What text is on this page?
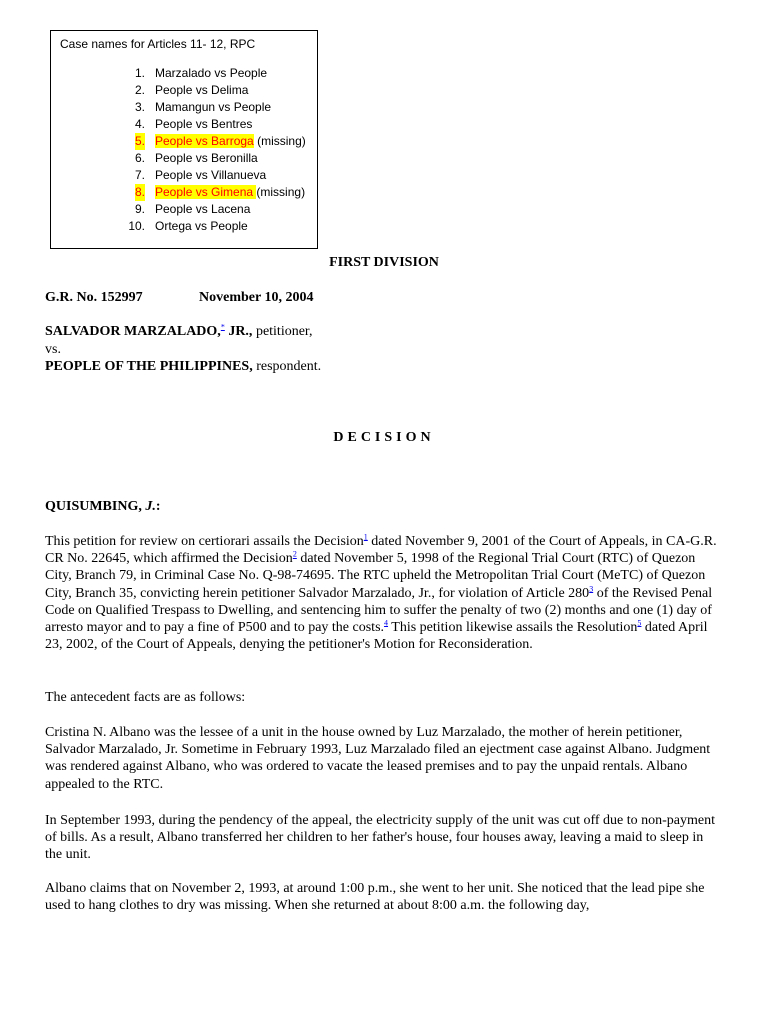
Case names for Articles 11- 12, RPC
1. Marzalado vs People
2. People vs Delima
3. Mamangun vs People
4. People vs Bentres
5. People vs Barroga (missing)
6. People vs Beronilla
7. People vs Villanueva
8. People vs Gimena (missing)
9. People vs Lacena
10. Ortega vs People
FIRST DIVISION
G.R. No. 152997	November 10, 2004
SALVADOR MARZALADO,* JR., petitioner,
vs.
PEOPLE OF THE PHILIPPINES, respondent.
DECISION
QUISUMBING, J.:
This petition for review on certiorari assails the Decision$^1$ dated November 9, 2001 of the Court of Appeals, in CA-G.R. CR No. 22645, which affirmed the Decision$^2$ dated November 5, 1998 of the Regional Trial Court (RTC) of Quezon City, Branch 79, in Criminal Case No. Q-98-74695. The RTC upheld the Metropolitan Trial Court (MeTC) of Quezon City, Branch 35, convicting herein petitioner Salvador Marzalado, Jr., for violation of Article 280$^3$ of the Revised Penal Code on Qualified Trespass to Dwelling, and sentencing him to suffer the penalty of two (2) months and one (1) day of arresto mayor and to pay a fine of P500 and to pay the costs.$^4$ This petition likewise assails the Resolution$^5$ dated April 23, 2002, of the Court of Appeals, denying the petitioner's Motion for Reconsideration.
The antecedent facts are as follows:
Cristina N. Albano was the lessee of a unit in the house owned by Luz Marzalado, the mother of herein petitioner, Salvador Marzalado, Jr. Sometime in February 1993, Luz Marzalado filed an ejectment case against Albano. Judgment was rendered against Albano, who was ordered to vacate the leased premises and to pay the unpaid rentals. Albano appealed to the RTC.
In September 1993, during the pendency of the appeal, the electricity supply of the unit was cut off due to non-payment of bills. As a result, Albano transferred her children to her father's house, four houses away, leaving a maid to sleep in the unit.
Albano claims that on November 2, 1993, at around 1:00 p.m., she went to her unit. She noticed that the lead pipe she used to hang clothes to dry was missing. When she returned at about 8:00 a.m. the following day,
